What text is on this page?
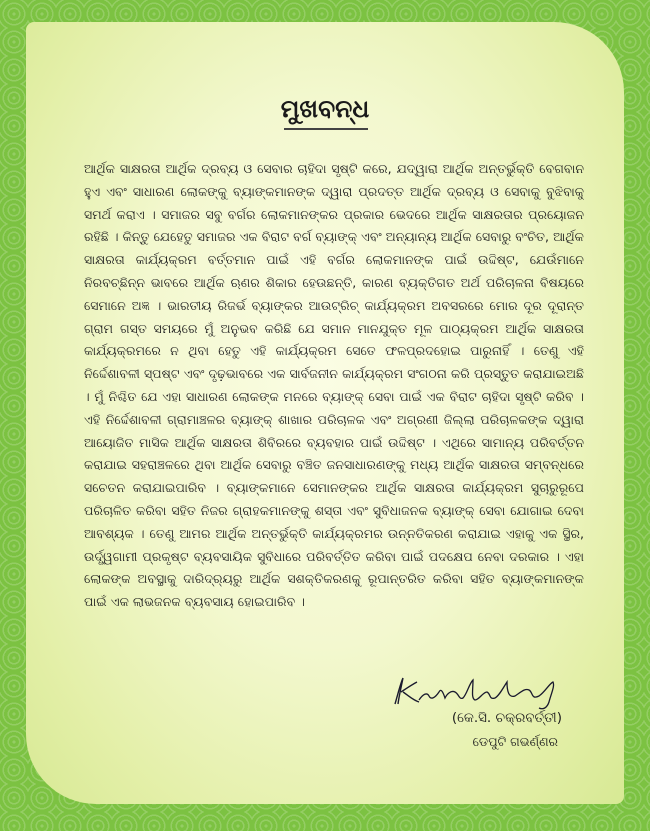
ମୁଖବନ୍ଧ

ଆର୍ଥିକ ସାକ୍ଷରତା ଆର୍ଥିକ ଦ୍ରବ୍ୟ ଓ ସେବାର ଚାହିଦା ସୃଷ୍ଟି କରେ, ଯଦ୍ୱାରା ଆର୍ଥିକ ଅନ୍ତର୍ଭୁକ୍ତି ବେଗବାନ ହୁଏ ଏବଂ ସାଧାରଣ ଲୋକଙ୍କୁ ବ୍ୟାଙ୍କମାନଙ୍କ ଦ୍ୱାରା ପ୍ରଦତ୍ତ ଆର୍ଥିକ ଦ୍ରବ୍ୟ ଓ ସେବାକୁ ବୁଝିବାକୁ ସମର୍ଥ କରାଏ । ସମାଜର ସବୁ ବର୍ଗର ଲୋକମାନଙ୍କର ପ୍ରକାର ଭେଦରେ ଆର୍ଥିକ ସାକ୍ଷରତାର ପ୍ରୟୋଜନ ରହିଛି । କିନ୍ତୁ ଯେହେତୁ ସମାଜର ଏକ ବିରାଟ ବର୍ଗ ବ୍ୟାଙ୍କ୍ ଏବଂ ଅନ୍ୟାନ୍ୟ ଆର୍ଥିକ ସେବାରୁ ବଂଚିତ, ଆର୍ଥିକ ସାକ୍ଷରତା କାର୍ଯ୍ୟକ୍ରମ ବର୍ତ୍ତମାନ ପାଇଁ ଏହି ବର୍ଗର ଲୋକମାନଙ୍କ ପାଇଁ ଉଦ୍ଦିଷ୍ଟ, ଯେଉଁମାନେ ନିରବଚ୍ଛିନ୍ନ ଭାବରେ ଆର୍ଥିକ ଋଣର ଶିକାର ହେଉଛନ୍ତି, କାରଣ ବ୍ୟକ୍ତିଗତ ଅର୍ଥ ପରିଚାଳନା ବିଷୟରେ ସେମାନେ ଅଜ୍ଞ । ଭାରତୀୟ ରିଜର୍ଭ ବ୍ୟାଙ୍କର ଆଉଟ୍‌ରିଚ୍ କାର୍ଯ୍ୟକ୍ରମ ଅବସରରେ ମୋର ଦୂର ଦୂରାନ୍ତ ଗ୍ରାମ ଗସ୍ତ ସମୟରେ ମୁଁ ଅନୁଭବ କରିଛି ଯେ ସମାନ ମାନଯୁକ୍ତ ମୂଳ ପାଠ୍ୟକ୍ରମ ଆର୍ଥିକ ସାକ୍ଷରତା କାର୍ଯ୍ୟକ୍ରମରେ ନ ଥିବା ହେତୁ ଏହି କାର୍ଯ୍ୟକ୍ରମ ସେତେ ଫଳପ୍ରଦହୋଇ ପାରୁନାହିଁ । ତେଣୁ ଏହି ନିର୍ଦ୍ଦେଶାବଳୀ ସ୍ପଷ୍ଟ ଏବଂ ଦୃଢ଼ଭାବରେ ଏକ ସାର୍ବଜନୀନ କାର୍ଯ୍ୟକ୍ରମ ସଂଗଠନା କରି ପ୍ରସ୍ତୁତ କରାଯାଇଅଛି । ମୁଁ ନିଶ୍ଚିତ ଯେ ଏହା ସାଧାରଣ ଲୋକଙ୍କ ମନରେ ବ୍ୟାଙ୍କ୍ ସେବା ପାଇଁ ଏକ ବିରାଟ ଚାହିଦା ସୃଷ୍ଟି କରିବ । ଏହି ନିର୍ଦ୍ଦେଶାବଳୀ ଗ୍ରାମାଞ୍ଚଳର ବ୍ୟାଙ୍କ୍ ଶାଖାର ପରିଚାଳକ ଏବଂ ଅଗ୍ରଣୀ ଜିଲ୍ଲା ପରିଚାଳକଙ୍କ ଦ୍ୱାରା ଆୟୋଜିତ ମାସିକ ଆର୍ଥିକ ସାକ୍ଷରତା ଶିବିରରେ ବ୍ୟବହାର ପାଇଁ ଉଦ୍ଦିଷ୍ଟ । ଏଥିରେ ସାମାନ୍ୟ ପରିବର୍ତ୍ତନ କରାଯାଇ ସହରାଞ୍ଚଳରେ ଥିବା ଆର୍ଥିକ ସେବାରୁ ବଞ୍ଚିତ ଜନସାଧାରଣଙ୍କୁ ମଧ୍ୟ ଆର୍ଥିକ ସାକ୍ଷରତା ସମ୍ବନ୍ଧରେ ସଚେତନ କରାଯାଇପାରିବ । ବ୍ୟାଙ୍କମାନେ ସେମାନଙ୍କର ଆର୍ଥିକ ସାକ୍ଷରତା କାର୍ଯ୍ୟକ୍ରମ ସୁଚାରୁରୂପେ ପରିଚାଳିତ କରିବା ସହିତ ନିଜର ଗ୍ରାହକମାନଙ୍କୁ ଶସ୍ତା ଏବଂ ସୁବିଧାଜନକ ବ୍ୟାଙ୍କ୍ ସେବା ଯୋଗାଇ ଦେବା ଆବଶ୍ୟକ । ତେଣୁ ଆମର ଆର୍ଥିକ ଅନ୍ତର୍ଭୁକ୍ତି କାର୍ଯ୍ୟକ୍ରମର ଉନ୍ନତିକରଣ କରାଯାଇ ଏହାକୁ ଏକ ସ୍ଥିର, ଉର୍ଦ୍ଧ୍ୱଗାମୀ ପ୍ରକୃଷ୍ଟ ବ୍ୟବସାୟିକ ସୁବିଧାରେ ପରିବର୍ତ୍ତିତ କରିବା ପାଇଁ ପଦକ୍ଷେପ ନେବା ଦରକାର । ଏହା ଲୋକଙ୍କ ଅବସ୍ଥାକୁ ଦାରିଦ୍ର୍ୟରୁ ଆର୍ଥିକ ସଶକ୍ତିକରଣକୁ ରୂପାନ୍ତରିତ କରିବା ସହିତ ବ୍ୟାଙ୍କମାନଙ୍କ ପାଇଁ ଏକ ଲାଭଜନକ ବ୍ୟବସାୟ ହୋଇପାରିବ ।

(କେ.ସି. ଚକ୍ରବର୍ତ୍ତୀ)
ଡେପୁଟି ଗଭର୍ଣ୍ଣର
